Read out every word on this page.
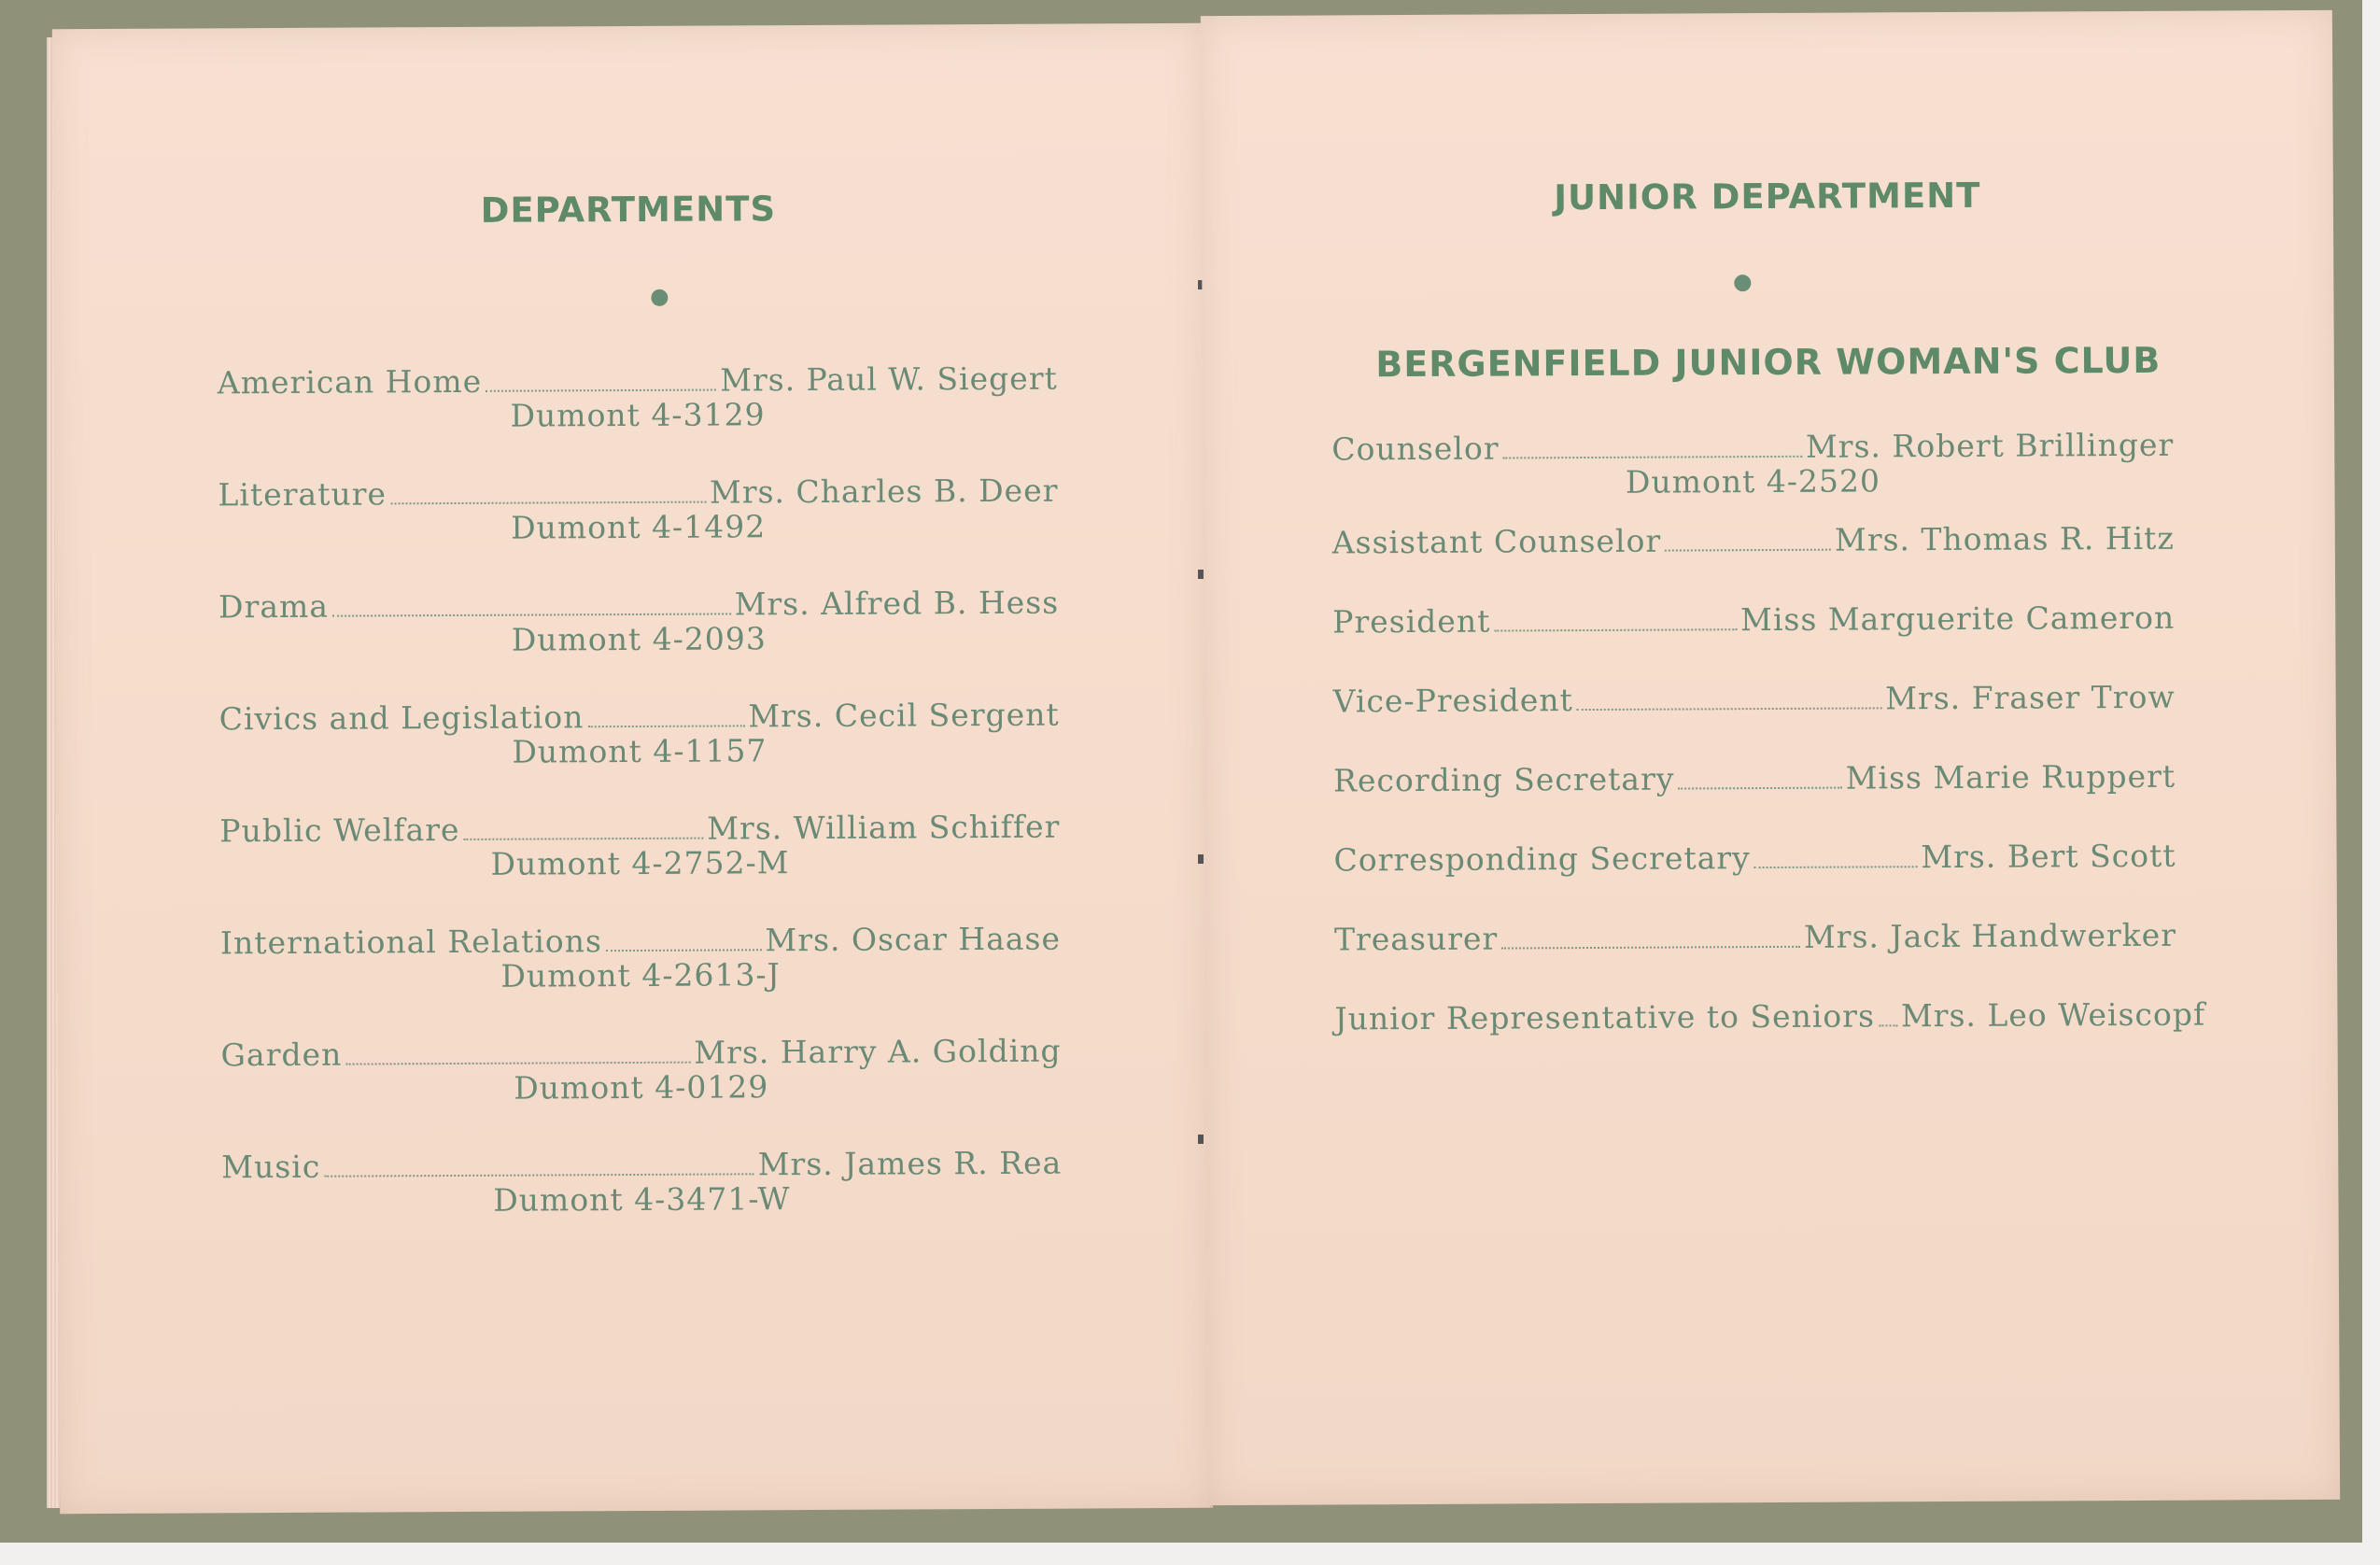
DEPARTMENTS
American Home	Mrs. Paul W. Siegert
Dumont 4-3129
Literature	Mrs. Charles B. Deer
Dumont 4-1492
Drama	Mrs. Alfred B. Hess
Dumont 4-2093
Civics and Legislation	Mrs. Cecil Sergent
Dumont 4-1157
Public Welfare	Mrs. William Schiffer
Dumont 4-2752-M
International Relations	Mrs. Oscar Haase
Dumont 4-2613-J
Garden	Mrs. Harry A. Golding
Dumont 4-0129
Music	Mrs. James R. Rea
Dumont 4-3471-W
JUNIOR DEPARTMENT
BERGENFIELD JUNIOR WOMAN'S CLUB
Counselor	Mrs. Robert Brillinger
Dumont 4-2520
Assistant Counselor	Mrs. Thomas R. Hitz
President	Miss Marguerite Cameron
Vice-President	Mrs. Fraser Trow
Recording Secretary	Miss Marie Ruppert
Corresponding Secretary	Mrs. Bert Scott
Treasurer	Mrs. Jack Handwerker
Junior Representative to Seniors Mrs. Leo Weiscopf
